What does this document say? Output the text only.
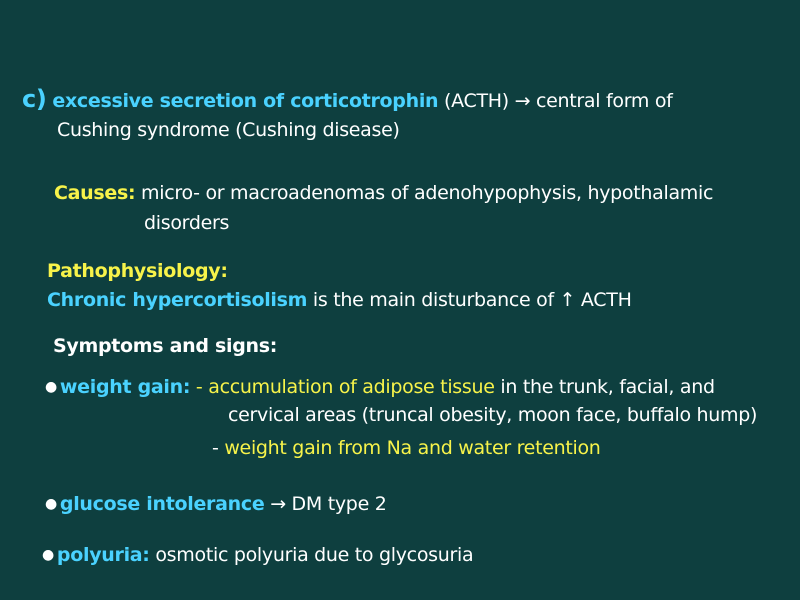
c) excessive secretion of corticotrophin (ACTH) → central form of
Cushing syndrome (Cushing disease)
Causes: micro- or macroadenomas of adenohypophysis, hypothalamic
disorders
Pathophysiology:
Chronic hypercortisolism is the main disturbance of ↑ ACTH
Symptoms and signs:
● weight gain: - accumulation of adipose tissue in the trunk, facial, and
cervical areas (truncal obesity, moon face, buffalo hump)
- weight gain from Na and water retention
● glucose intolerance → DM type 2
● polyuria: osmotic polyuria due to glycosuria
